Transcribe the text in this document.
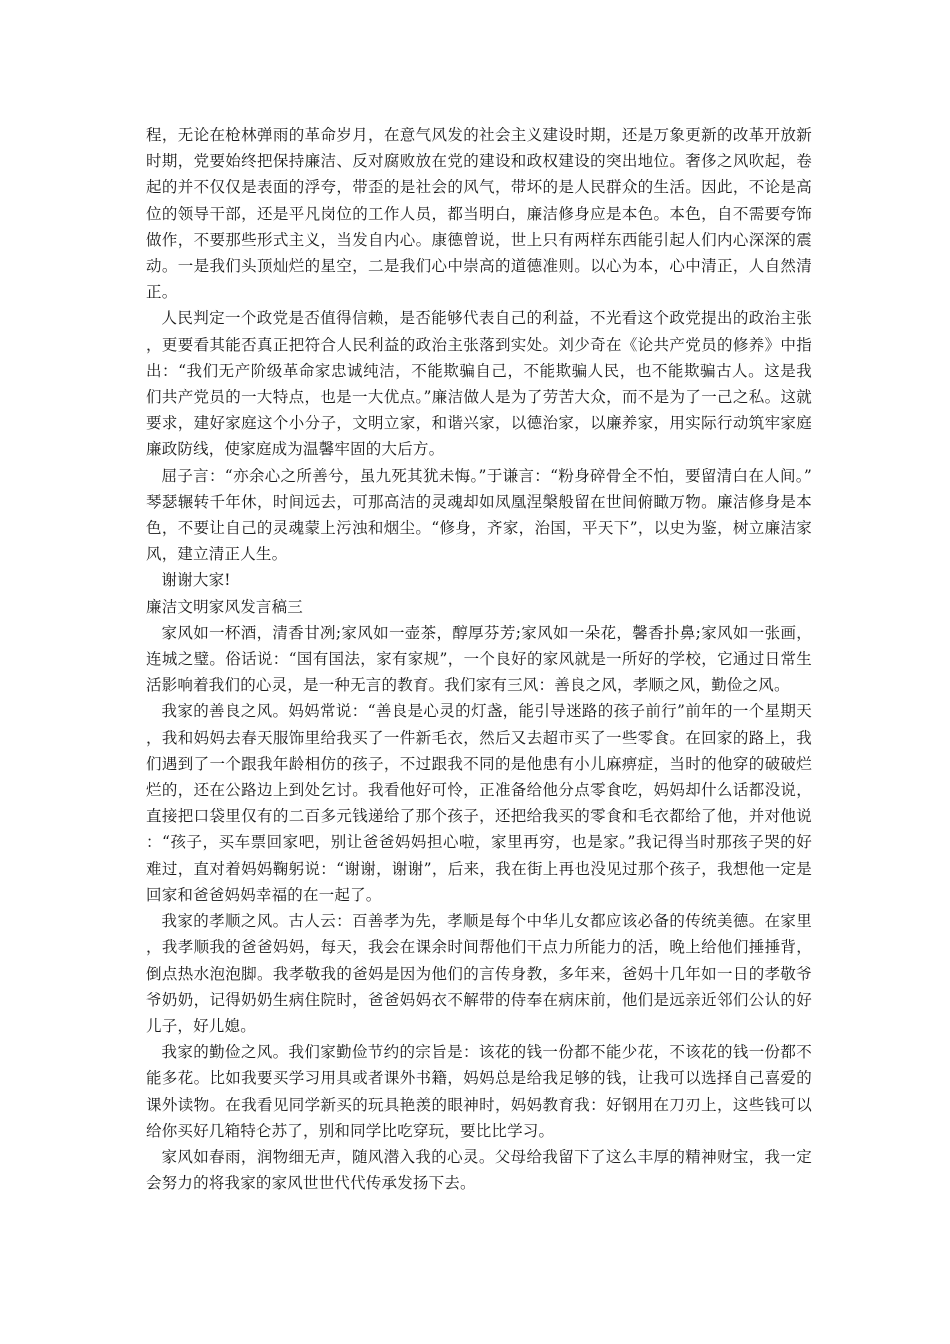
程，无论在枪林弹雨的革命岁月，在意气风发的社会主义建设时期，还是万象更新的改革开放新时期，党要始终把保持廉洁、反对腐败放在党的建设和政权建设的突出地位。奢侈之风吹起，卷起的并不仅仅是表面的浮夸，带歪的是社会的风气，带坏的是人民群众的生活。因此，不论是高位的领导干部，还是平凡岗位的工作人员，都当明白，廉洁修身应是本色。本色，自不需要夸饰做作，不要那些形式主义，当发自内心。康德曾说，世上只有两样东西能引起人们内心深深的震动。一是我们头顶灿烂的星空，二是我们心中崇高的道德准则。以心为本，心中清正，人自然清正。

人民判定一个政党是否值得信赖，是否能够代表自己的利益，不光看这个政党提出的政治主张，更要看其能否真正把符合人民利益的政治主张落到实处。刘少奇在《论共产党员的修养》中指出：“我们无产阶级革命家忠诚纯洁，不能欺骗自己，不能欺骗人民，也不能欺骗古人。这是我们共产党员的一大特点，也是一大优点。”廉洁做人是为了劳苦大众，而不是为了一己之私。这就要求，建好家庭这个小分子，文明立家，和谐兴家，以德治家，以廉养家，用实际行动筑牢家庭廉政防线，使家庭成为温馨牢固的大后方。

屈子言：“亦余心之所善兮，虽九死其犹未悔。”于谦言：“粉身碎骨全不怕，要留清白在人间。”琴瑟辗转千年休，时间远去，可那高洁的灵魂却如凤凰涅槃般留在世间俯瞰万物。廉洁修身是本色，不要让自己的灵魂蒙上污浊和烟尘。“修身，齐家，治国，平天下”，以史为鉴，树立廉洁家风，建立清正人生。

谢谢大家!

廉洁文明家风发言稿三

家风如一杯酒，清香甘冽;家风如一壶茶，醇厚芬芳;家风如一朵花，馨香扑鼻;家风如一张画，连城之璧。俗话说：“国有国法，家有家规”，一个良好的家风就是一所好的学校，它通过日常生活影响着我们的心灵，是一种无言的教育。我们家有三风：善良之风，孝顺之风，勤俭之风。

我家的善良之风。妈妈常说：“善良是心灵的灯盏，能引导迷路的孩子前行”前年的一个星期天，我和妈妈去春天服饰里给我买了一件新毛衣，然后又去超市买了一些零食。在回家的路上，我们遇到了一个跟我年龄相仿的孩子，不过跟我不同的是他患有小儿麻痹症，当时的他穿的破破烂烂的，还在公路边上到处乞讨。我看他好可怜，正准备给他分点零食吃，妈妈却什么话都没说，直接把口袋里仅有的二百多元钱递给了那个孩子，还把给我买的零食和毛衣都给了他，并对他说：“孩子，买车票回家吧，别让爸爸妈妈担心啦，家里再穷，也是家。”我记得当时那孩子哭的好难过，直对着妈妈鞠躬说：“谢谢，谢谢”，后来，我在街上再也没见过那个孩子，我想他一定是回家和爸爸妈妈幸福的在一起了。

我家的孝顺之风。古人云：百善孝为先，孝顺是每个中华儿女都应该必备的传统美德。在家里，我孝顺我的爸爸妈妈，每天，我会在课余时间帮他们干点力所能力的活，晚上给他们捶捶背，倒点热水泡泡脚。我孝敬我的爸妈是因为他们的言传身教，多年来，爸妈十几年如一日的孝敬爷爷奶奶，记得奶奶生病住院时，爸爸妈妈衣不解带的侍奉在病床前，他们是远亲近邻们公认的好儿子，好儿媳。

我家的勤俭之风。我们家勤俭节约的宗旨是：该花的钱一份都不能少花，不该花的钱一份都不能多花。比如我要买学习用具或者课外书籍，妈妈总是给我足够的钱，让我可以选择自己喜爱的课外读物。在我看见同学新买的玩具艳羡的眼神时，妈妈教育我：好钢用在刀刃上，这些钱可以给你买好几箱特仑苏了，别和同学比吃穿玩，要比比学习。

家风如春雨，润物细无声，随风潜入我的心灵。父母给我留下了这么丰厚的精神财宝，我一定会努力的将我家的家风世世代代传承发扬下去。
